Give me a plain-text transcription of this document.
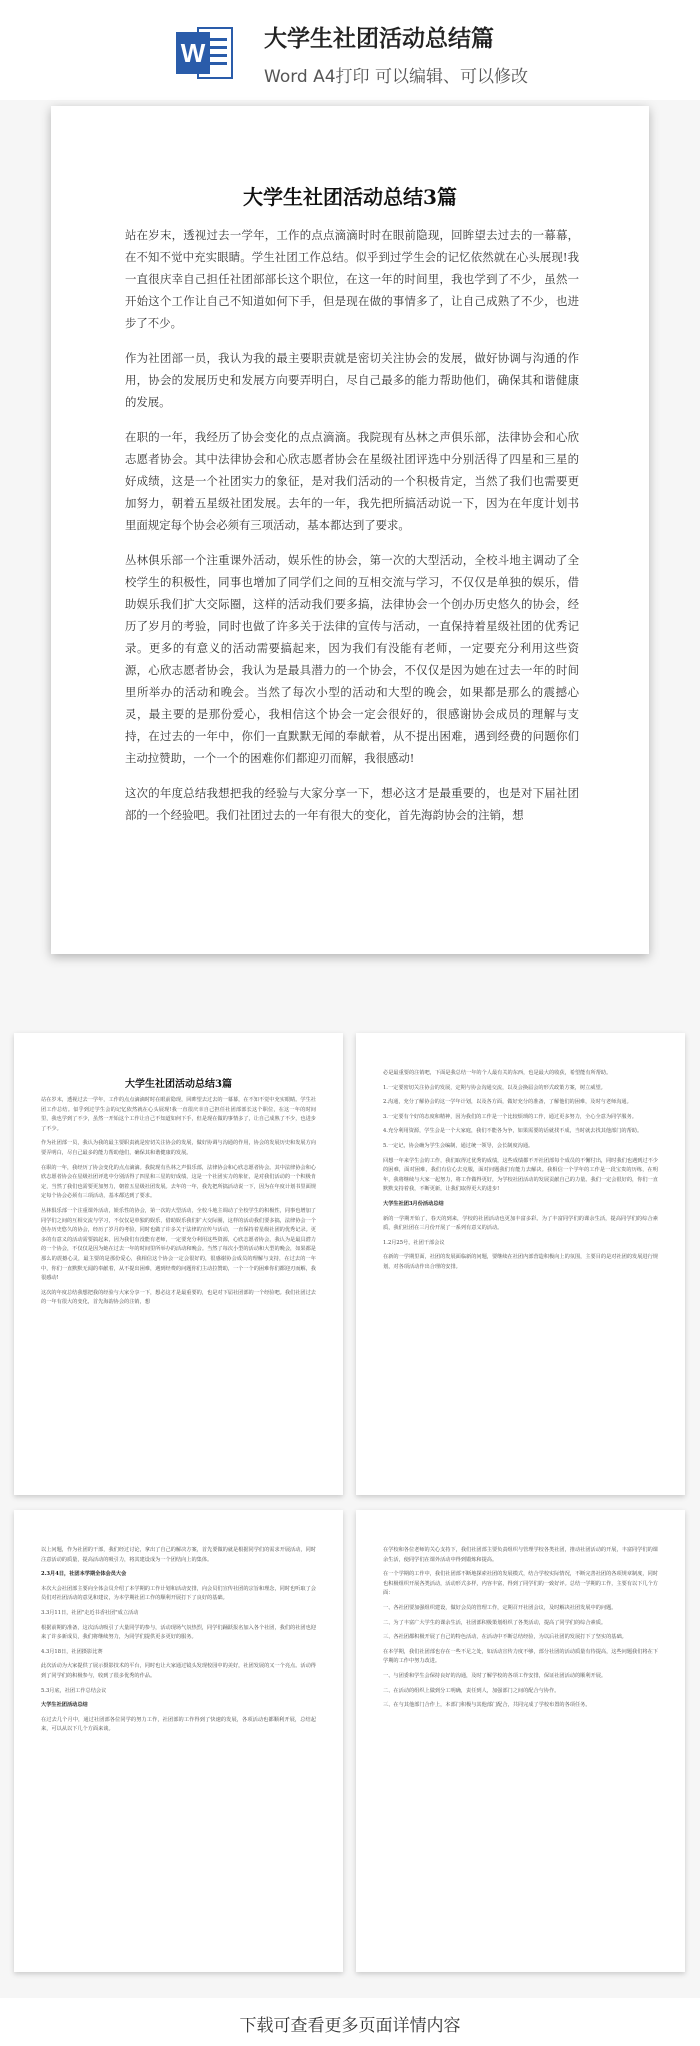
W	大学生社团活动总结篇
Word A4打印 可以编辑、可以修改
大学生社团活动总结3篇

站在岁末，透视过去一学年，工作的点点滴滴时时在眼前隐现，回眸望去过去的一幕幕，在不知不觉中充实眼睛。学生社团工作总结。似乎到过学生会的记忆依然就在心头展现!我一直很庆幸自己担任社团部部长这个职位，在这一年的时间里，我也学到了不少，虽然一开始这个工作让自己不知道如何下手，但是现在做的事情多了，让自己成熟了不少，也进步了不少。

作为社团部一员，我认为我的最主要职责就是密切关注协会的发展，做好协调与沟通的作用，协会的发展历史和发展方向要弄明白，尽自己最多的能力帮助他们，确保其和谐健康的发展。

在职的一年，我经历了协会变化的点点滴滴。我院现有丛林之声俱乐部，法律协会和心欣志愿者协会。其中法律协会和心欣志愿者协会在星级社团评选中分别活得了四星和三星的好成绩，这是一个社团实力的象征，是对我们活动的一个积极肯定，当然了我们也需要更加努力，朝着五星级社团发展。去年的一年，我先把所搞活动说一下，因为在年度计划书里面规定每个协会必须有三项活动，基本都达到了要求。

丛林俱乐部一个注重课外活动，娱乐性的协会，第一次的大型活动，全校斗地主调动了全校学生的积极性，同事也增加了同学们之间的互相交流与学习，不仅仅是单独的娱乐，借助娱乐我们扩大交际圈，这样的活动我们要多搞，法律协会一个创办历史悠久的协会，经历了岁月的考验，同时也做了许多关于法律的宣传与活动，一直保持着星级社团的优秀记录。更多的有意义的活动需要搞起来，因为我们有没能有老师，一定要充分利用这些资源，心欣志愿者协会，我认为是最具潜力的一个协会，不仅仅是因为她在过去一年的时间里所举办的活动和晚会。当然了每次小型的活动和大型的晚会，如果都是那么的震撼心灵，最主要的是那份爱心，我相信这个协会一定会很好的，很感谢协会成员的理解与支持，在过去的一年中，你们一直默默无闻的奉献着，从不提出困难，遇到经费的问题你们主动拉赞助，一个一个的困难你们都迎刃而解，我很感动!

这次的年度总结我想把我的经验与大家分享一下，想必这才是最重要的，也是对下届社团部的一个经验吧。我们社团过去的一年有很大的变化，首先海韵协会的注销，想

大学生社团活动总结3篇

站在岁末，透视过去一学年，工作的点点滴滴时时在眼前隐现，回眸望去过去的一幕幕，在不知不觉中充实眼睛。学生社团工作总结。似乎到过学生会的记忆依然就在心头展现!我一直很庆幸自己担任社团部部长这个职位，在这一年的时间里，我也学到了不少，虽然一开始这个工作让自己不知道如何下手，但是现在做的事情多了，让自己成熟了不少，也进步了不少。

作为社团部一员，我认为我的最主要职责就是密切关注协会的发展，做好协调与沟通的作用，协会的发展历史和发展方向要弄明白，尽自己最多的能力帮助他们，确保其和谐健康的发展。

在职的一年，我经历了协会变化的点点滴滴。我院现有丛林之声俱乐部，法律协会和心欣志愿者协会。其中法律协会和心欣志愿者协会在星级社团评选中分别活得了四星和三星的好成绩，这是一个社团实力的象征，是对我们活动的一个积极肯定，当然了我们也需要更加努力，朝着五星级社团发展。去年的一年，我先把所搞活动说一下，因为在年度计划书里面规定每个协会必须有三项活动，基本都达到了要求。

丛林俱乐部一个注重课外活动，娱乐性的协会，第一次的大型活动，全校斗地主调动了全校学生的积极性，同事也增加了同学们之间的互相交流与学习，不仅仅是单独的娱乐，借助娱乐我们扩大交际圈，这样的活动我们要多搞，法律协会一个创办历史悠久的协会，经历了岁月的考验，同时也做了许多关于法律的宣传与活动，一直保持着星级社团的优秀记录。更多的有意义的活动需要搞起来，因为我们有没能有老师，一定要充分利用这些资源，心欣志愿者协会，我认为是最具潜力的一个协会，不仅仅是因为她在过去一年的时间里所举办的活动和晚会。当然了每次小型的活动和大型的晚会，如果都是那么的震撼心灵，最主要的是那份爱心，我相信这个协会一定会很好的，很感谢协会成员的理解与支持，在过去的一年中，你们一直默默无闻的奉献着，从不提出困难，遇到经费的问题你们主动拉赞助，一个一个的困难你们都迎刃而解，我很感动!

这次的年度总结我想把我的经验与大家分享一下，想必这才是最重要的，也是对下届社团部的一个经验吧。我们社团过去的一年有很大的变化，首先海韵协会的注销，想

必是最重要的注销吧，下面是我总结一年的个人最有关的东西，也是最大的收获，希望能有所帮助。

1.一定要密切关注协会的发展，定期与协会沟通交流，以及会换届会的形式政策方案，树立威望。

2.沟通，充分了解协会的这一学年计划，以及各方面，做好充分的准备，了解他们的困难，及时与老师沟通。

3.一定要有个好的态度和精神，因为我们的工作是一个比较烦琐的工作，通过更多努力，全心全意为同学服务。

4.充分利用资源，学生会是一个大家庭，我们不能各为争，如果需要的话就找不成，当时就去找其他部门的帮助。

5.一定记，协会确为学生会编制，通过统一领导，会长制度沟通。

回想一年来学生会的工作，我们取得过优秀的成绩，这些成绩都不开社团部每个成员的不懈付出，同时我们也遇到过不少的困难，面对困难，我们有信心去克服，面对问题我们有能力去解决。我相信一个学年的工作是一段宝贵的历练，在明年，我将继续与大家一起努力，将工作做得更好，为学校社团活动的发展贡献自己的力量。我们一定会很好的，你们一直默默支持着我，不断更新，让我们取得更大的进步!

大学生社团3月份活动总结

新的一学期开始了，春天的到来，学校的社团活动也更加丰富多彩。为了丰富同学们的课余生活，提高同学们的综合素质，我们社团在三月份开展了一系列有意义的活动。

1.2月25号，社团干部会议

在新的一学期里面，社团的发展面临新的问题，要继续在社团内部营造积极向上的氛围，主要目的是对社团的发展进行规划，对各项活动作出合理的安排。

以上问题，作为社团的干部，我们经过讨论，拿出了自己的解决方案，首先要做的就是根据同学们的需求开展活动，同时注意活动的质量，提高活动的吸引力，将其建设成为一个团结向上的集体。

2.3月4日，社团本学期全体会员大会

本次大会社团部主要向全体会员介绍了本学期的工作计划和活动安排，向会员们宣传社团的宗旨和理念，同时也听取了会员们对社团活动的意见和建议，为本学期社团工作的顺利开展打下了良好的基础。

3.3月11日，社团"走近书香社团"成立活动

根据前期的准备，这次活动吸引了大量同学的参与，活动现场气氛热烈，同学们踊跃报名加入各个社团，我们的社团也迎来了许多新成员，我们将继续努力，为同学们提供更多更好的服务。

4.3月18日，社团摄影比赛

此次活动为大家提供了展示摄影技术的平台，同时也让大家通过镜头发现校园中的美好，社团发展的又一个亮点。活动得到了同学们的积极参与，收到了很多优秀的作品。

5.3月底，社团工作总结会议

大学生社团活动总结

在过去几个月中，通过社团部各位同学的努力工作，社团部的工作得到了快速的发展，各项活动也都顺利开展，总结起来，可以从以下几个方面来谈。

在学校和各位老师的关心支持下，我们社团部主要负责组织与管理学校各类社团，推动社团活动的开展，丰富同学们的课余生活，使同学们在课外活动中得到锻炼和提高。

在一个学期的工作中，我们社团部不断地探索社团的发展模式，结合学校实际情况，不断完善社团的各项规章制度，同时也积极组织开展各类活动，活动形式多样，内容丰富，得到了同学们的一致好评。总结一学期的工作，主要有以下几个方面：

一、各社团要加强组织建设，做好会员的管理工作，定期召开社团会议，及时解决社团发展中的问题。

二、为了丰富广大学生的课余生活，社团部积极策划组织了各类活动，提高了同学们的综合素质。

三、各社团都积极开展了自己的特色活动，在活动中不断总结经验，为以后社团的发展打下了坚实的基础。

在本学期，我们社团部也存在一些不足之处，如活动宣传力度不够，部分社团的活动质量有待提高，这些问题我们将在下学期的工作中努力改进。

一、与团委和学生会保持良好的沟通，及时了解学校的各项工作安排，保证社团活动的顺利开展。

二、在活动的组织上做到分工明确，责任到人，加强部门之间的配合与协作。

三、在与其他部门合作上，本部门积极与其他部门配合，共同完成了学校布置的各项任务。

下载可查看更多页面详情内容
